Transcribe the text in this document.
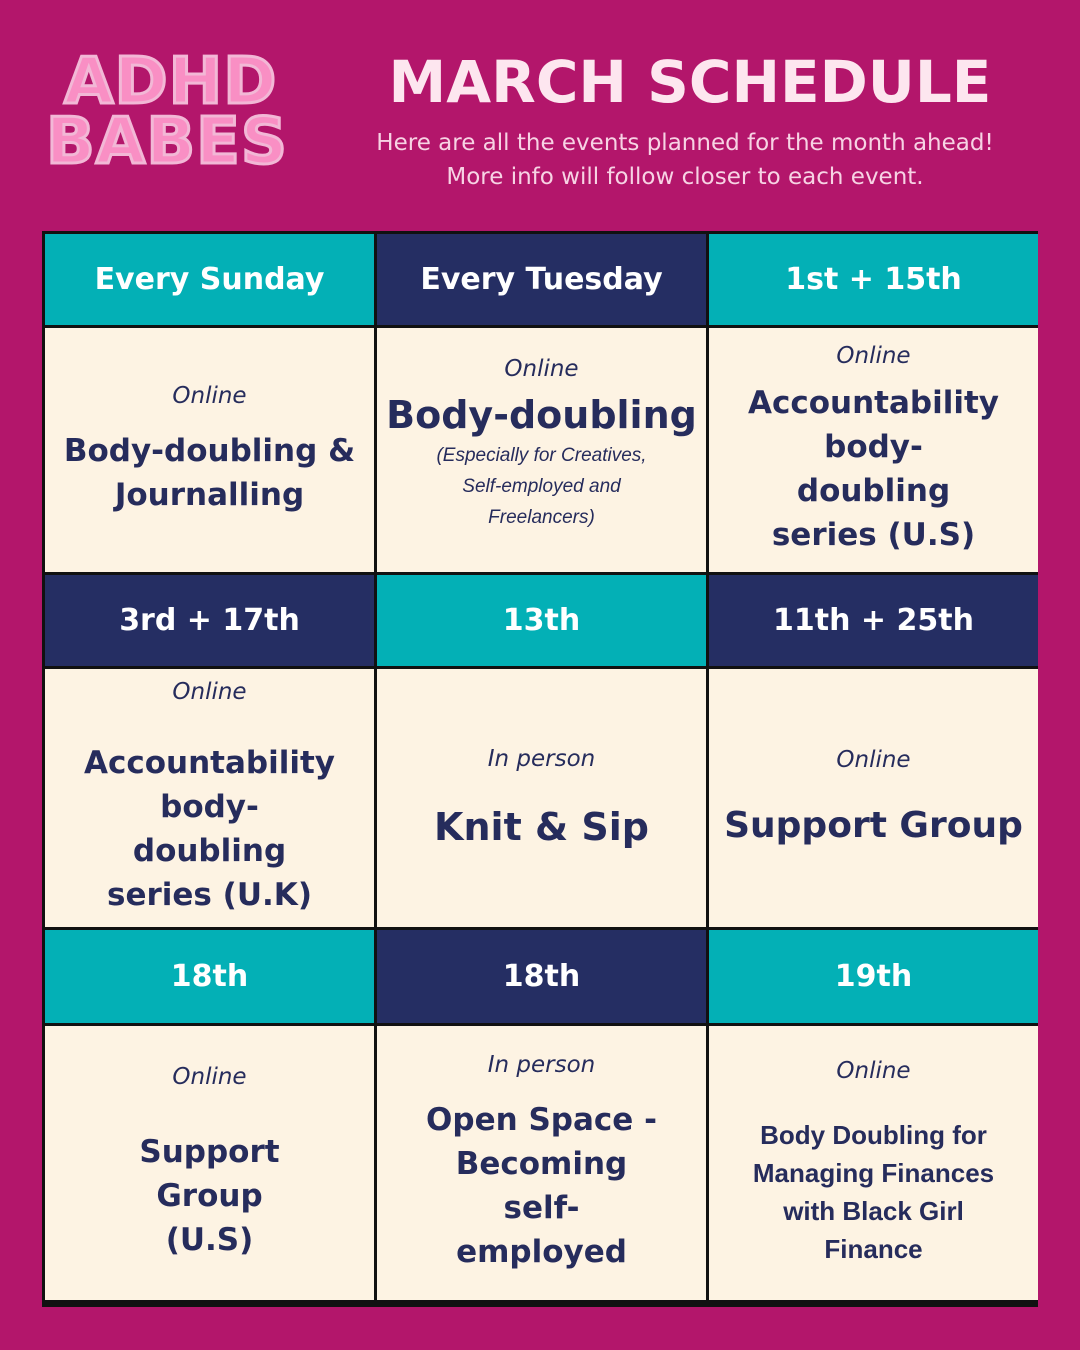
ADHD
BABES
MARCH SCHEDULE
Here are all the events planned for the month ahead!
More info will follow closer to each event.
Every Sunday	Every Tuesday	1st + 15th
Online
Body-doubling & Journalling
Online
Body-doubling
(Especially for Creatives, Self-employed and Freelancers)
Online
Accountability body-doubling series (U.S)
3rd + 17th	13th	11th + 25th
Online
Accountability body-doubling series (U.K)
In person
Knit & Sip
Online
Support Group
18th	18th	19th
Online
Support Group (U.S)
In person
Open Space - Becoming self-employed
Online
Body Doubling for Managing Finances with Black Girl Finance
